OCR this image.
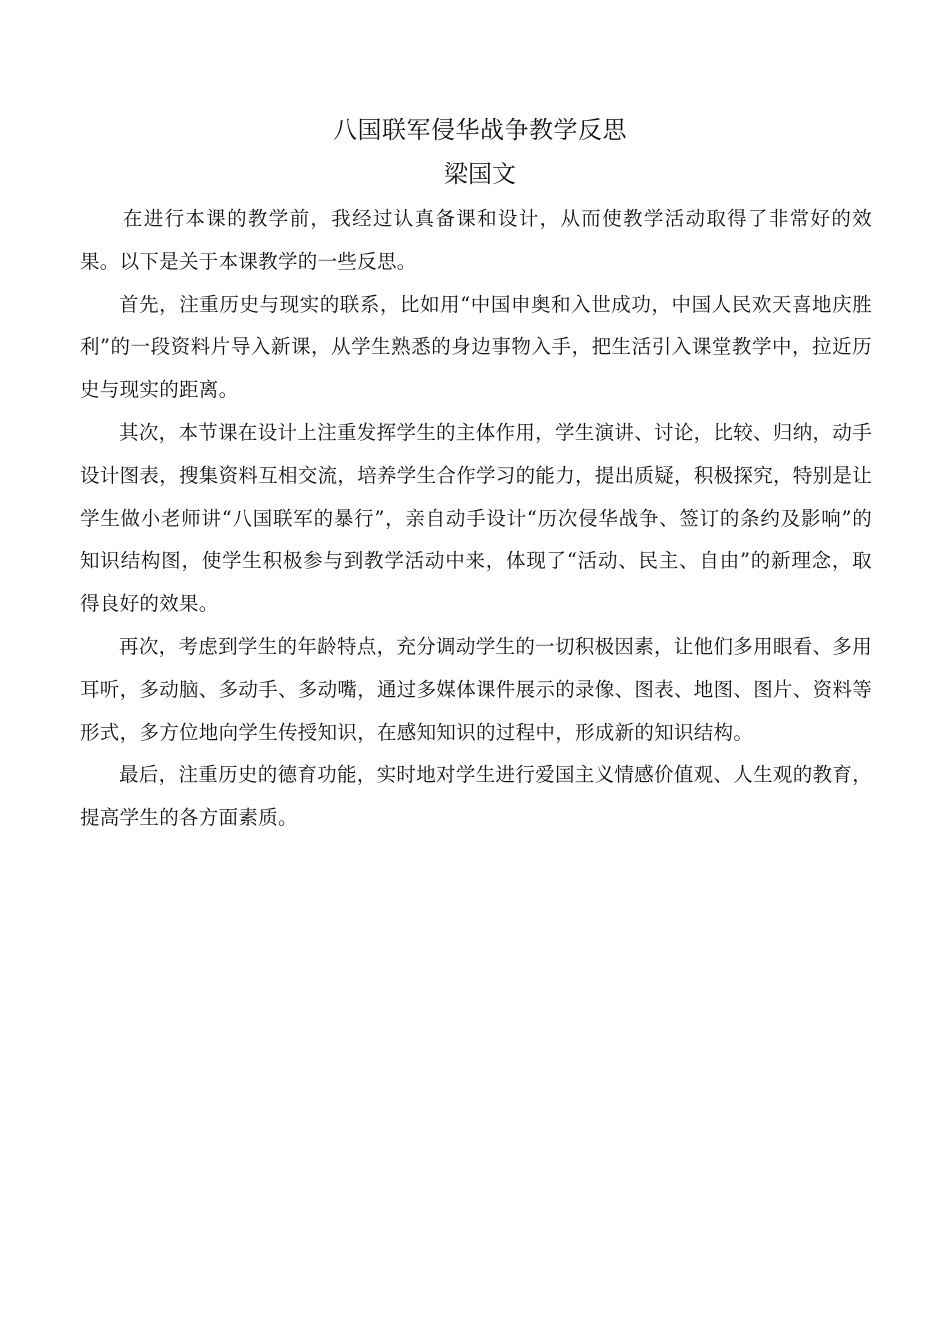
八国联军侵华战争教学反思
梁国文

在进行本课的教学前，我经过认真备课和设计，从而使教学活动取得了非常好的效果。以下是关于本课教学的一些反思。

首先，注重历史与现实的联系，比如用“中国申奥和入世成功，中国人民欢天喜地庆胜利”的一段资料片导入新课，从学生熟悉的身边事物入手，把生活引入课堂教学中，拉近历史与现实的距离。

其次，本节课在设计上注重发挥学生的主体作用，学生演讲、讨论，比较、归纳，动手设计图表，搜集资料互相交流，培养学生合作学习的能力，提出质疑，积极探究，特别是让学生做小老师讲“八国联军的暴行”，亲自动手设计“历次侵华战争、签订的条约及影响”的知识结构图，使学生积极参与到教学活动中来，体现了“活动、民主、自由”的新理念，取得良好的效果。

再次，考虑到学生的年龄特点，充分调动学生的一切积极因素，让他们多用眼看、多用耳听，多动脑、多动手、多动嘴，通过多媒体课件展示的录像、图表、地图、图片、资料等形式，多方位地向学生传授知识，在感知知识的过程中，形成新的知识结构。

最后，注重历史的德育功能，实时地对学生进行爱国主义情感价值观、人生观的教育，提高学生的各方面素质。
